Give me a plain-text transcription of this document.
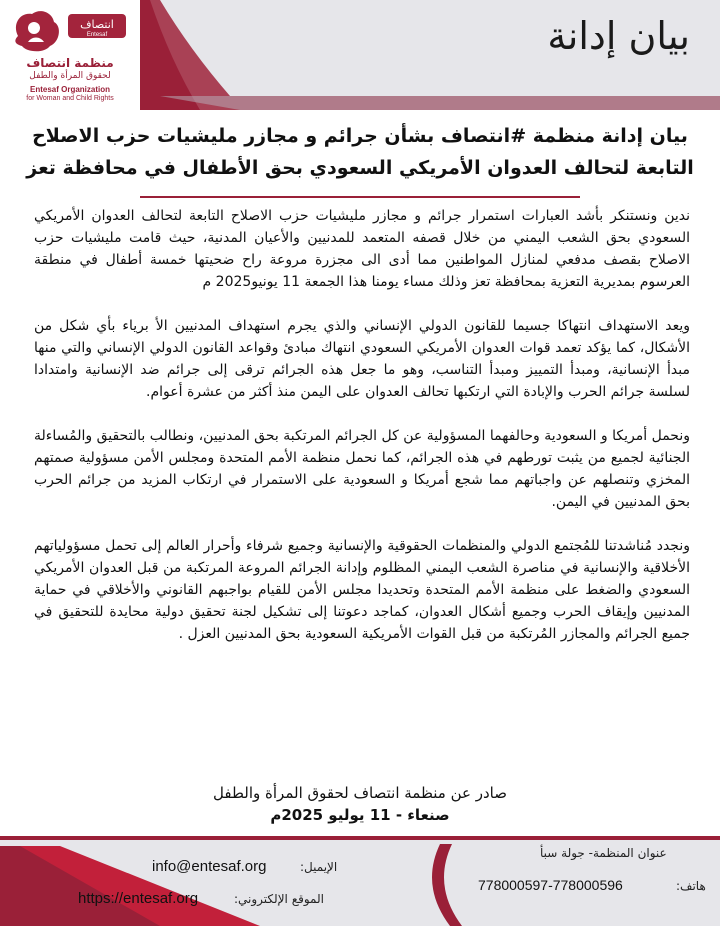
انتصاف
Entesaf
منظمة انتصاف
لحقوق المرأة والطفل
Entesaf Organization
for Woman and Child Rights
بيان إدانة
بيان إدانة منظمة #انتصاف بشأن جرائم و مجازر مليشيات حزب الاصلاح التابعة لتحالف العدوان الأمريكي السعودي بحق الأطفال في محافظة تعز

ندين ونستنكر بأشد العبارات استمرار جرائم و مجازر مليشيات حزب الاصلاح التابعة لتحالف العدوان الأمريكي السعودي بحق الشعب اليمني من خلال قصفه المتعمد للمدنيين والأعيان المدنية، حيث قامت مليشيات حزب الاصلاح بقصف مدفعي لمنازل المواطنين مما أدى الى مجزرة مروعة راح ضحيتها خمسة أطفال في منطقة العرسوم بمديرية التعزية بمحافظة تعز وذلك مساء يومنا هذا الجمعة 11 يونيو2025 م

ويعد الاستهداف انتهاكا جسيما للقانون الدولي الإنساني والذي يجرم استهداف المدنيين الأ برياء بأي شكل من الأشكال، كما يؤكد تعمد قوات العدوان الأمريكي السعودي انتهاك مبادئ وقواعد القانون الدولي الإنساني والتي منها مبدأ الإنسانية، ومبدأ التمييز ومبدأ التناسب، وهو ما جعل هذه الجرائم ترقى إلى جرائم ضد الإنسانية وامتدادا لسلسة جرائم الحرب والإبادة التي ارتكبها تحالف العدوان على اليمن منذ أكثر من عشرة أعوام.

ونحمل أمريكا و السعودية وحالفهما المسؤولية عن كل الجرائم المرتكبة بحق المدنيين، ونطالب بالتحقيق والمُساءلة الجنائية لجميع من يثبت تورطهم في هذه الجرائم، كما نحمل منظمة الأمم المتحدة ومجلس الأمن مسؤولية صمتهم المخزي وتنصلهم عن واجباتهم مما شجع أمريكا و السعودية على الاستمرار في ارتكاب المزيد من جرائم الحرب بحق المدنيين في اليمن.

ونجدد مُناشدتنا للمُجتمع الدولي والمنظمات الحقوقية والإنسانية وجميع شرفاء وأحرار العالم إلى تحمل مسؤولياتهم الأخلاقية والإنسانية في مناصرة الشعب اليمني المظلوم وإدانة الجرائم المروعة المرتكبة من قبل العدوان الأمريكي السعودي والضغط على منظمة الأمم المتحدة وتحديدا مجلس الأمن للقيام بواجبهم القانوني والأخلاقي في حماية المدنيين وإيقاف الحرب وجميع أشكال العدوان، كماجد دعوتنا إلى تشكيل لجنة تحقيق دولية محايدة للتحقيق في جميع الجرائم والمجازر المُرتكبة من قبل القوات الأمريكية السعودية بحق المدنيين العزل .

صادر عن منظمة انتصاف لحقوق المرأة والطفل
صنعاء - 11 يوليو 2025م
عنوان المنظمة- جولة سبأ
هاتف:
778000597-778000596
الإيميل:
info@entesaf.org
الموقع الإلكتروني:
https://entesaf.org
